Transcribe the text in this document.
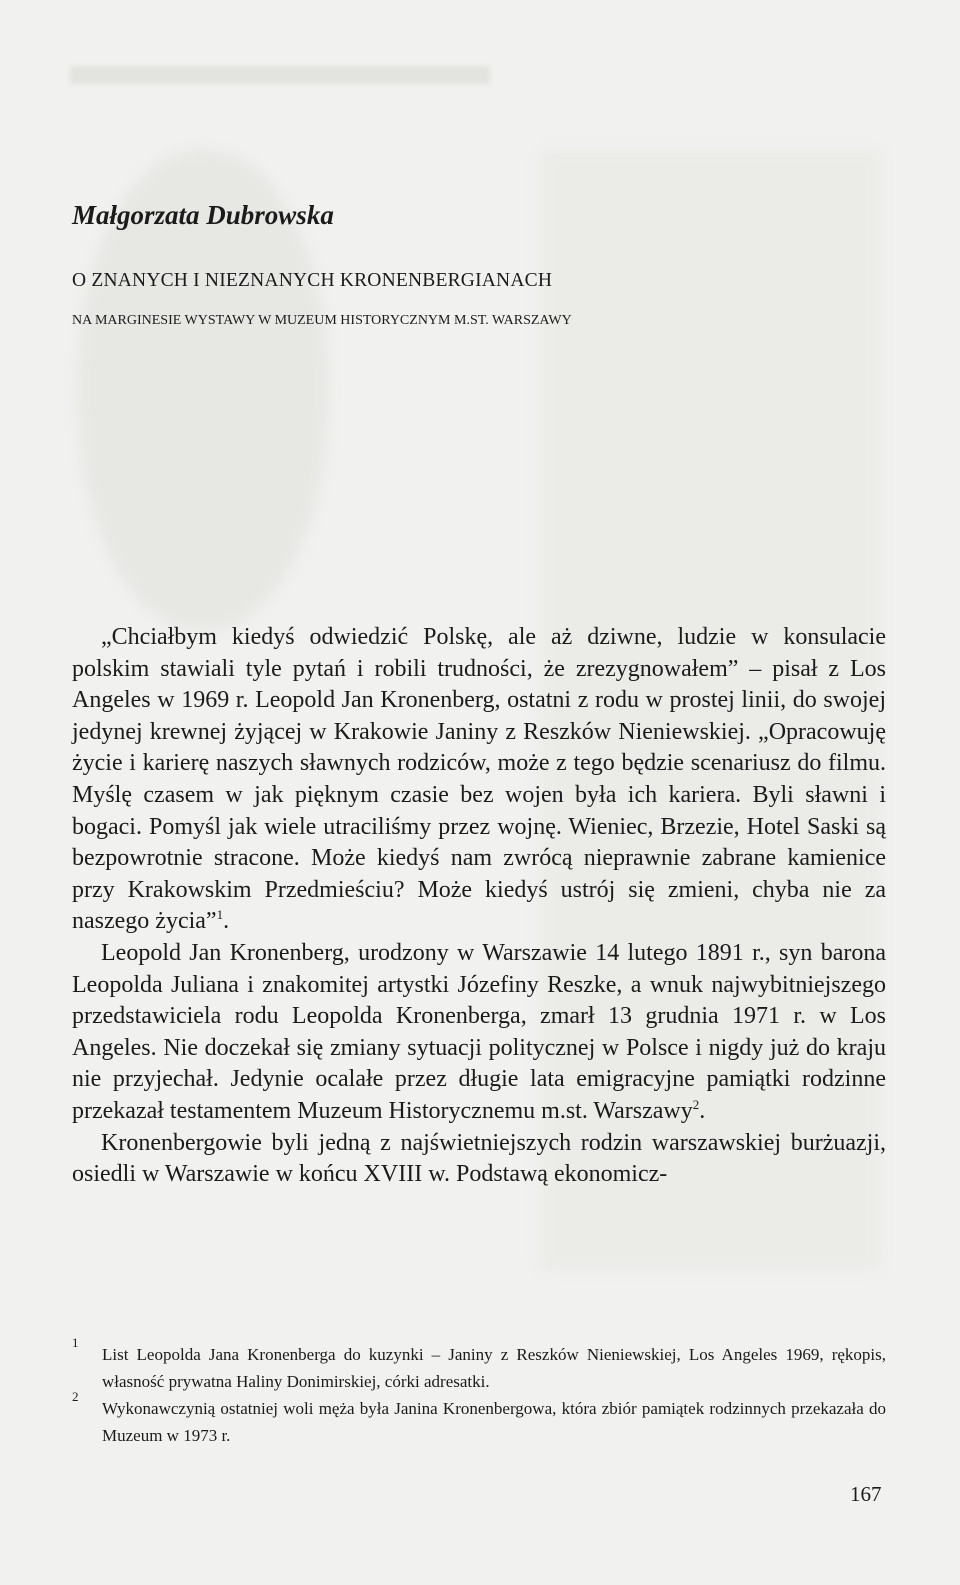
Małgorzata Dubrowska
O ZNANYCH I NIEZNANYCH KRONENBERGIANACH
NA MARGINESIE WYSTAWY W MUZEUM HISTORYCZNYM M.ST. WARSZAWY

„Chciałbym kiedyś odwiedzić Polskę, ale aż dziwne, ludzie w konsulacie polskim stawiali tyle pytań i robili trudności, że zrezygnowałem” – pisał z Los Angeles w 1969 r. Leopold Jan Kronenberg, ostatni z rodu w prostej linii, do swojej jedynej krewnej żyjącej w Krakowie Janiny z Reszków Nieniewskiej. „Opracowuję życie i karierę naszych sławnych rodziców, może z tego będzie scenariusz do filmu. Myślę czasem w jak pięknym czasie bez wojen była ich kariera. Byli sławni i bogaci. Pomyśl jak wiele utraciliśmy przez wojnę. Wieniec, Brzezie, Hotel Saski są bezpowrotnie stracone. Może kiedyś nam zwrócą nieprawnie zabrane kamienice przy Krakowskim Przedmieściu? Może kiedyś ustrój się zmieni, chyba nie za naszego życia”$^1$.

Leopold Jan Kronenberg, urodzony w Warszawie 14 lutego 1891 r., syn barona Leopolda Juliana i znakomitej artystki Józefiny Reszke, a wnuk najwybitniejszego przedstawiciela rodu Leopolda Kronenberga, zmarł 13 grudnia 1971 r. w Los Angeles. Nie doczekał się zmiany sytuacji politycznej w Polsce i nigdy już do kraju nie przyjechał. Jedynie ocalałe przez długie lata emigracyjne pamiątki rodzinne przekazał testamentem Muzeum Historycznemu m.st. Warszawy$^2$.

Kronenbergowie byli jedną z najświetniejszych rodzin warszawskiej burżuazji, osiedli w Warszawie w końcu XVIII w. Podstawą ekonomicz-

1
List Leopolda Jana Kronenberga do kuzynki – Janiny z Reszków Nieniewskiej, Los Angeles 1969, rękopis, własność prywatna Haliny Donimirskiej, córki adresatki.
2
Wykonawczynią ostatniej woli męża była Janina Kronenbergowa, która zbiór pamiątek rodzinnych przekazała do Muzeum w 1973 r.

167
